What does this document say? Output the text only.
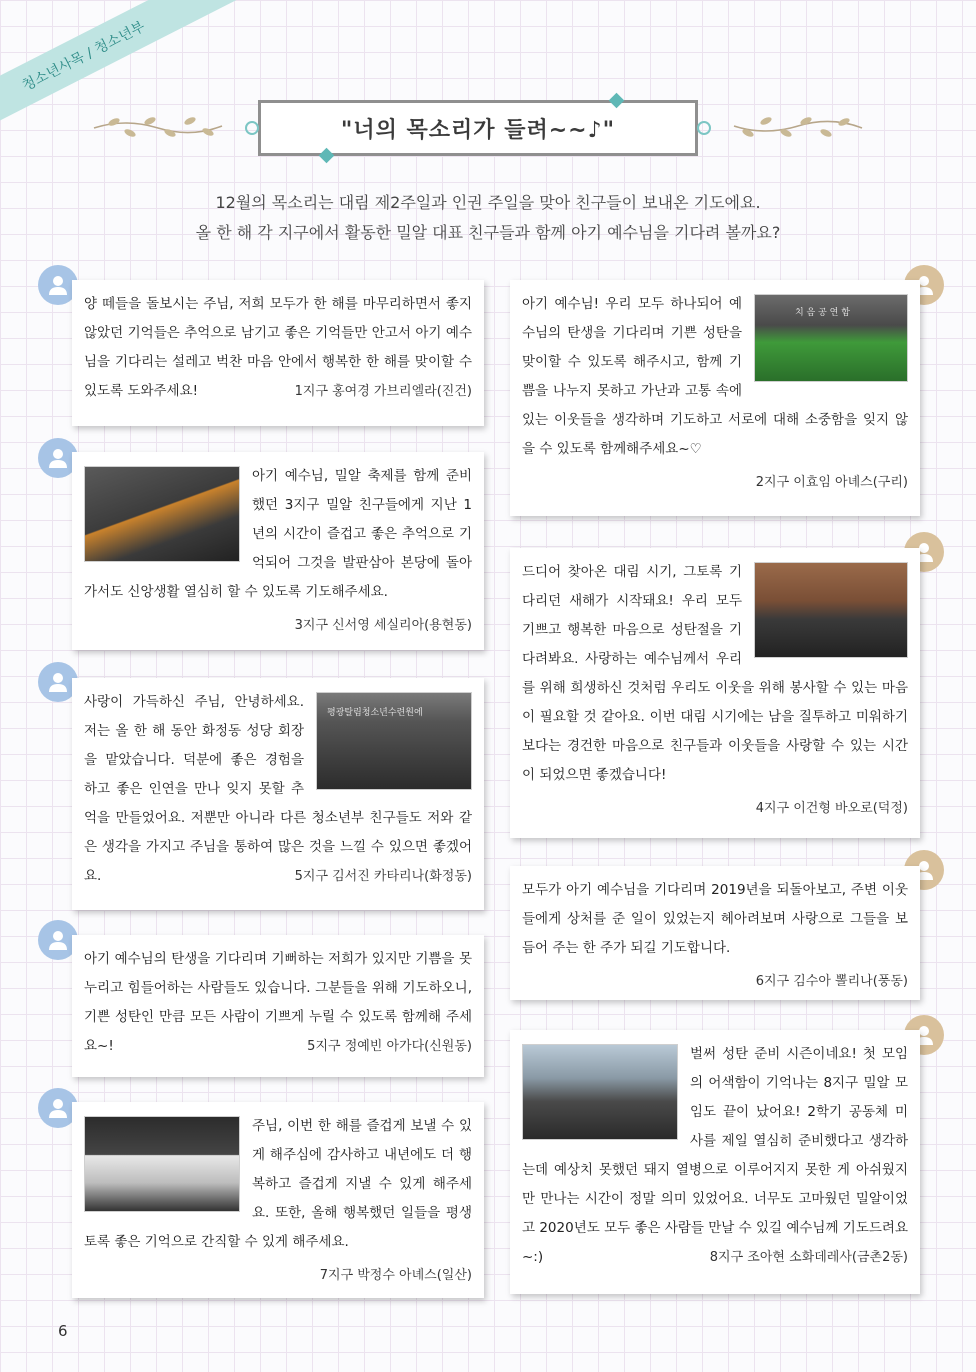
청소년사목 / 청소년부
"너의 목소리가 들려~~♪"
12월의 목소리는 대림 제2주일과 인권 주일을 맞아 친구들이 보내온 기도에요.
올 한 해 각 지구에서 활동한 밀알 대표 친구들과 함께 아기 예수님을 기다려 볼까요?

양 떼들을 돌보시는 주님, 저희 모두가 한 해를 마무리하면서 좋지 않았던 기억들은 추억으로 남기고 좋은 기억들만 안고서 아기 예수님을 기다리는 설레고 벅찬 마음 안에서 행복한 한 해를 맞이할 수 있도록 도와주세요!	1지구 홍여경 가브리엘라(진건)

아기 예수님, 밀알 축제를 함께 준비했던 3지구 밀알 친구들에게 지난 1년의 시간이 즐겁고 좋은 추억으로 기억되어 그것을 발판삼아 본당에 돌아가서도 신앙생활 열심히 할 수 있도록 기도해주세요.

3지구 신서영 세실리아(용현동)
평광탈림청소년수련원에

사랑이 가득하신 주님, 안녕하세요. 저는 올 한 해 동안 화정동 성당 회장을 맡았습니다. 덕분에 좋은 경험을 하고 좋은 인연을 만나 잊지 못할 추억을 만들었어요. 저뿐만 아니라 다른 청소년부 친구들도 저와 같은 생각을 가지고 주님을 통하여 많은 것을 느낄 수 있으면 좋겠어요.	5지구 김서진 카타리나(화정동)

아기 예수님의 탄생을 기다리며 기뻐하는 저희가 있지만 기쁨을 못 누리고 힘들어하는 사람들도 있습니다. 그분들을 위해 기도하오니, 기쁜 성탄인 만큼 모든 사람이 기쁘게 누릴 수 있도록 함께해 주세요~!	5지구 정예빈 아가다(신원동)

주님, 이번 한 해를 즐겁게 보낼 수 있게 해주심에 감사하고 내년에도 더 행복하고 즐겁게 지낼 수 있게 해주세요. 또한, 올해 행복했던 일들을 평생토록 좋은 기억으로 간직할 수 있게 해주세요.

7지구 박정수 아녜스(일산)
치 음 공 연 함

아기 예수님! 우리 모두 하나되어 예수님의 탄생을 기다리며 기쁜 성탄을 맞이할 수 있도록 해주시고, 함께 기쁨을 나누지 못하고 가난과 고통 속에 있는 이웃들을 생각하며 기도하고 서로에 대해 소중함을 잊지 않을 수 있도록 함께해주세요~♡

2지구 이효임 아녜스(구리)

드디어 찾아온 대림 시기, 그토록 기다리던 새해가 시작돼요! 우리 모두 기쁘고 행복한 마음으로 성탄절을 기다려봐요. 사랑하는 예수님께서 우리를 위해 희생하신 것처럼 우리도 이웃을 위해 봉사할 수 있는 마음이 필요할 것 같아요. 이번 대림 시기에는 남을 질투하고 미워하기보다는 경건한 마음으로 친구들과 이웃들을 사랑할 수 있는 시간이 되었으면 좋겠습니다!

4지구 이건형 바오로(덕정)

모두가 아기 예수님을 기다리며 2019년을 되돌아보고, 주변 이웃들에게 상처를 준 일이 있었는지 헤아려보며 사랑으로 그들을 보듬어 주는 한 주가 되길 기도합니다.

6지구 김수아 뽈리나(풍동)

벌써 성탄 준비 시즌이네요! 첫 모임의 어색함이 기억나는 8지구 밀알 모임도 끝이 났어요! 2학기 공동체 미사를 제일 열심히 준비했다고 생각하는데 예상치 못했던 돼지 열병으로 이루어지지 못한 게 아쉬웠지만 만나는 시간이 정말 의미 있었어요. 너무도 고마웠던 밀알이었고 2020년도 모두 좋은 사람들 만날 수 있길 예수님께 기도드려요~:)	8지구 조아현 소화데레사(금촌2동)

6
